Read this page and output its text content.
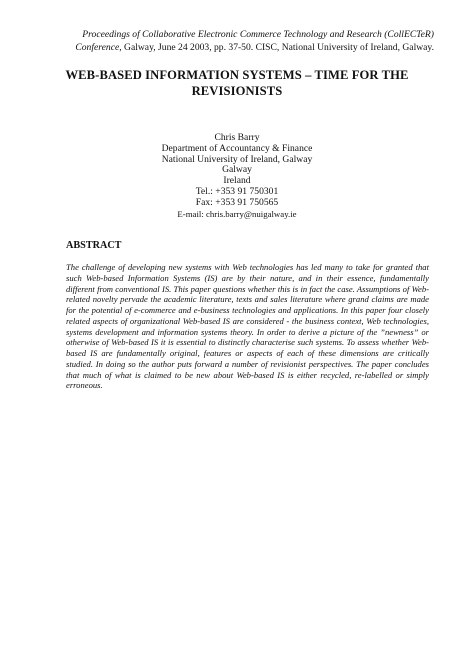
Proceedings of Collaborative Electronic Commerce Technology and Research (CollECTeR)
Conference, Galway, June 24 2003, pp. 37-50. CISC, National University of Ireland, Galway.
WEB-BASED INFORMATION SYSTEMS – TIME FOR THE REVISIONISTS
Chris Barry
Department of Accountancy & Finance
National University of Ireland, Galway
Galway
Ireland
Tel.: +353 91 750301
Fax: +353 91 750565
E-mail: chris.barry@nuigalway.ie
ABSTRACT
The challenge of developing new systems with Web technologies has led many to take for granted that such Web-based Information Systems (IS) are by their nature, and in their essence, fundamentally different from conventional IS. This paper questions whether this is in fact the case. Assumptions of Web-related novelty pervade the academic literature, texts and sales literature where grand claims are made for the potential of e-commerce and e-business technologies and applications. In this paper four closely related aspects of organizational Web-based IS are considered - the business context, Web technologies, systems development and information systems theory. In order to derive a picture of the ”newness” or otherwise of Web-based IS it is essential to distinctly characterise such systems. To assess whether Web-based IS are fundamentally original, features or aspects of each of these dimensions are critically studied. In doing so the author puts forward a number of revisionist perspectives. The paper concludes that much of what is claimed to be new about Web-based IS is either recycled, re-labelled or simply erroneous.
